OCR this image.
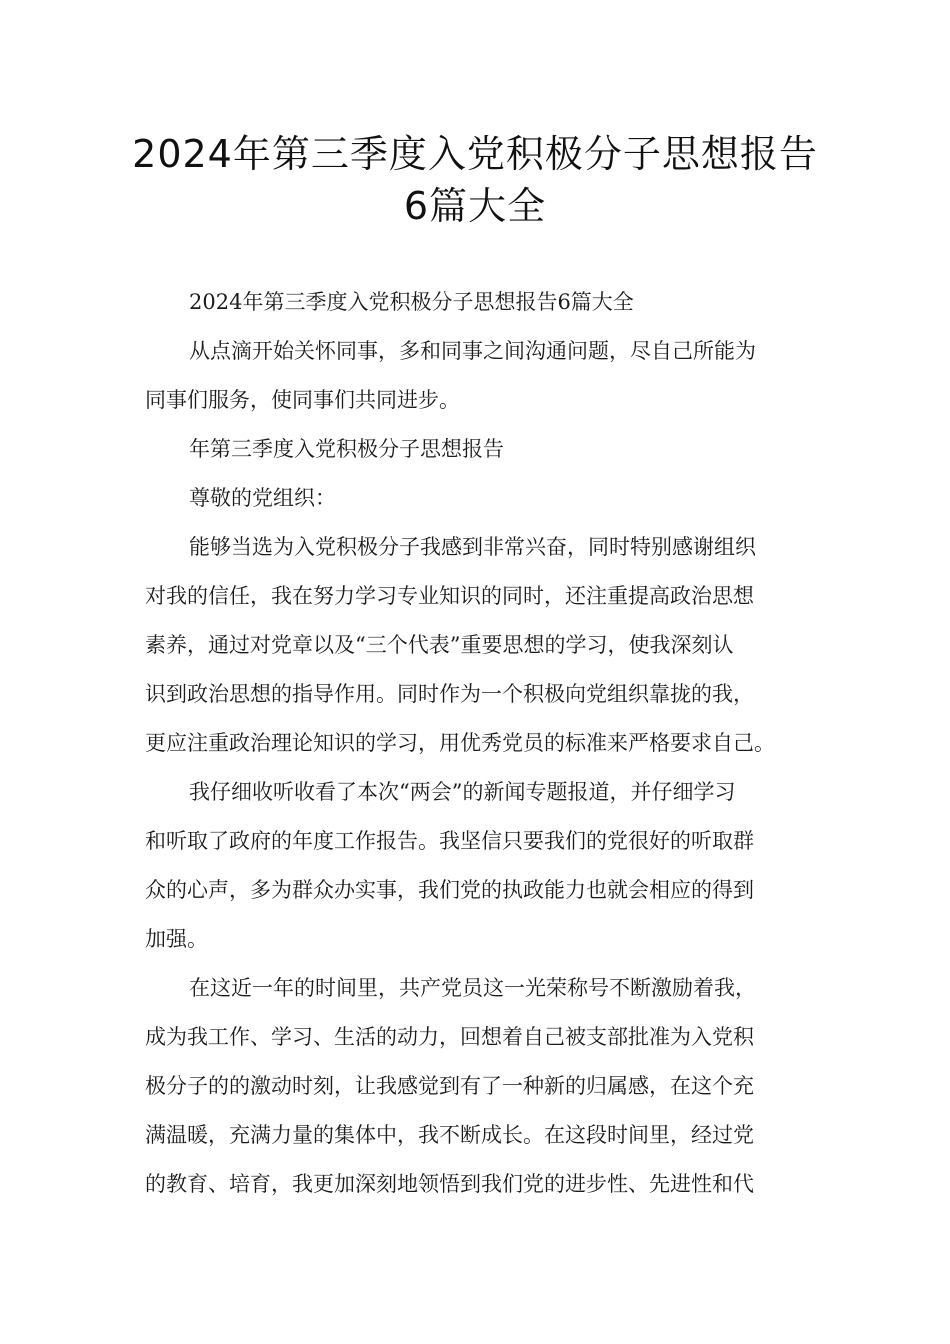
2024年第三季度入党积极分子思想报告
6篇大全
2024年第三季度入党积极分子思想报告6篇大全
从点滴开始关怀同事，多和同事之间沟通问题，尽自己所能为
同事们服务，使同事们共同进步。
年第三季度入党积极分子思想报告
尊敬的党组织：
能够当选为入党积极分子我感到非常兴奋，同时特别感谢组织
对我的信任，我在努力学习专业知识的同时，还注重提高政治思想
素养，通过对党章以及“三个代表”重要思想的学习，使我深刻认
识到政治思想的指导作用。同时作为一个积极向党组织靠拢的我，
更应注重政治理论知识的学习，用优秀党员的标准来严格要求自己。
我仔细收听收看了本次“两会”的新闻专题报道，并仔细学习
和听取了政府的年度工作报告。我坚信只要我们的党很好的听取群
众的心声，多为群众办实事，我们党的执政能力也就会相应的得到
加强。
在这近一年的时间里，共产党员这一光荣称号不断激励着我，
成为我工作、学习、生活的动力，回想着自己被支部批准为入党积
极分子的的激动时刻，让我感觉到有了一种新的归属感，在这个充
满温暖，充满力量的集体中，我不断成长。在这段时间里，经过党
的教育、培育，我更加深刻地领悟到我们党的进步性、先进性和代
